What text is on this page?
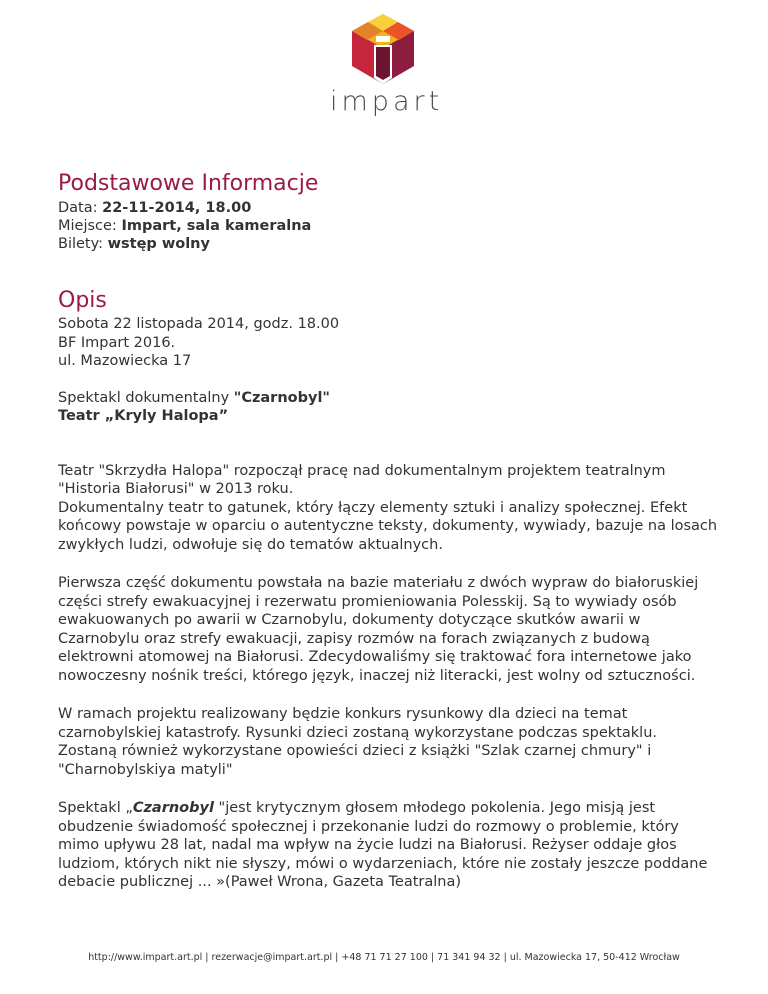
impart
Podstawowe Informacje

Data: 22-11-2014, 18.00

Miejsce: Impart, sala kameralna

Bilety: wstęp wolny

Opis

Sobota 22 listopada 2014, godz. 18.00

BF Impart 2016.

ul. Mazowiecka 17

Spektakl dokumentalny "Czarnobyl"

Teatr „Kryly Halopa”

Teatr "Skrzydła Halopa" rozpoczął pracę nad dokumentalnym projektem teatralnym "Historia Białorusi" w 2013 roku.

Dokumentalny teatr to gatunek, który łączy elementy sztuki i analizy społecznej. Efekt końcowy powstaje w oparciu o autentyczne teksty, dokumenty, wywiady, bazuje na losach zwykłych ludzi, odwołuje się do tematów aktualnych.

Pierwsza część dokumentu powstała na bazie materiału z dwóch wypraw do białoruskiej części strefy ewakuacyjnej i rezerwatu promieniowania Polesskij. Są to wywiady osób ewakuowanych po awarii w Czarnobylu, dokumenty dotyczące skutków awarii w Czarnobylu oraz strefy ewakuacji, zapisy rozmów na forach związanych z budową elektrowni atomowej na Białorusi. Zdecydowaliśmy się traktować fora internetowe jako nowoczesny nośnik treści, którego język, inaczej niż literacki, jest wolny od sztuczności.

W ramach projektu realizowany będzie konkurs rysunkowy dla dzieci na temat czarnobylskiej katastrofy. Rysunki dzieci zostaną wykorzystane podczas spektaklu. Zostaną również wykorzystane opowieści dzieci z książki "Szlak czarnej chmury" i "Charnobylskiya matyli"

Spektakl „Czarnobyl "jest krytycznym głosem młodego pokolenia. Jego misją jest obudzenie świadomość społecznej i przekonanie ludzi do rozmowy o problemie, który mimo upływu 28 lat, nadal ma wpływ na życie ludzi na Białorusi. Reżyser oddaje głos ludziom, których nikt nie słyszy, mówi o wydarzeniach, które nie zostały jeszcze poddane debacie publicznej ... »(Paweł Wrona, Gazeta Teatralna)

http://www.impart.art.pl | rezerwacje@impart.art.pl | +48 71 71 27 100 | 71 341 94 32 | ul. Mazowiecka 17, 50-412 Wrocław
